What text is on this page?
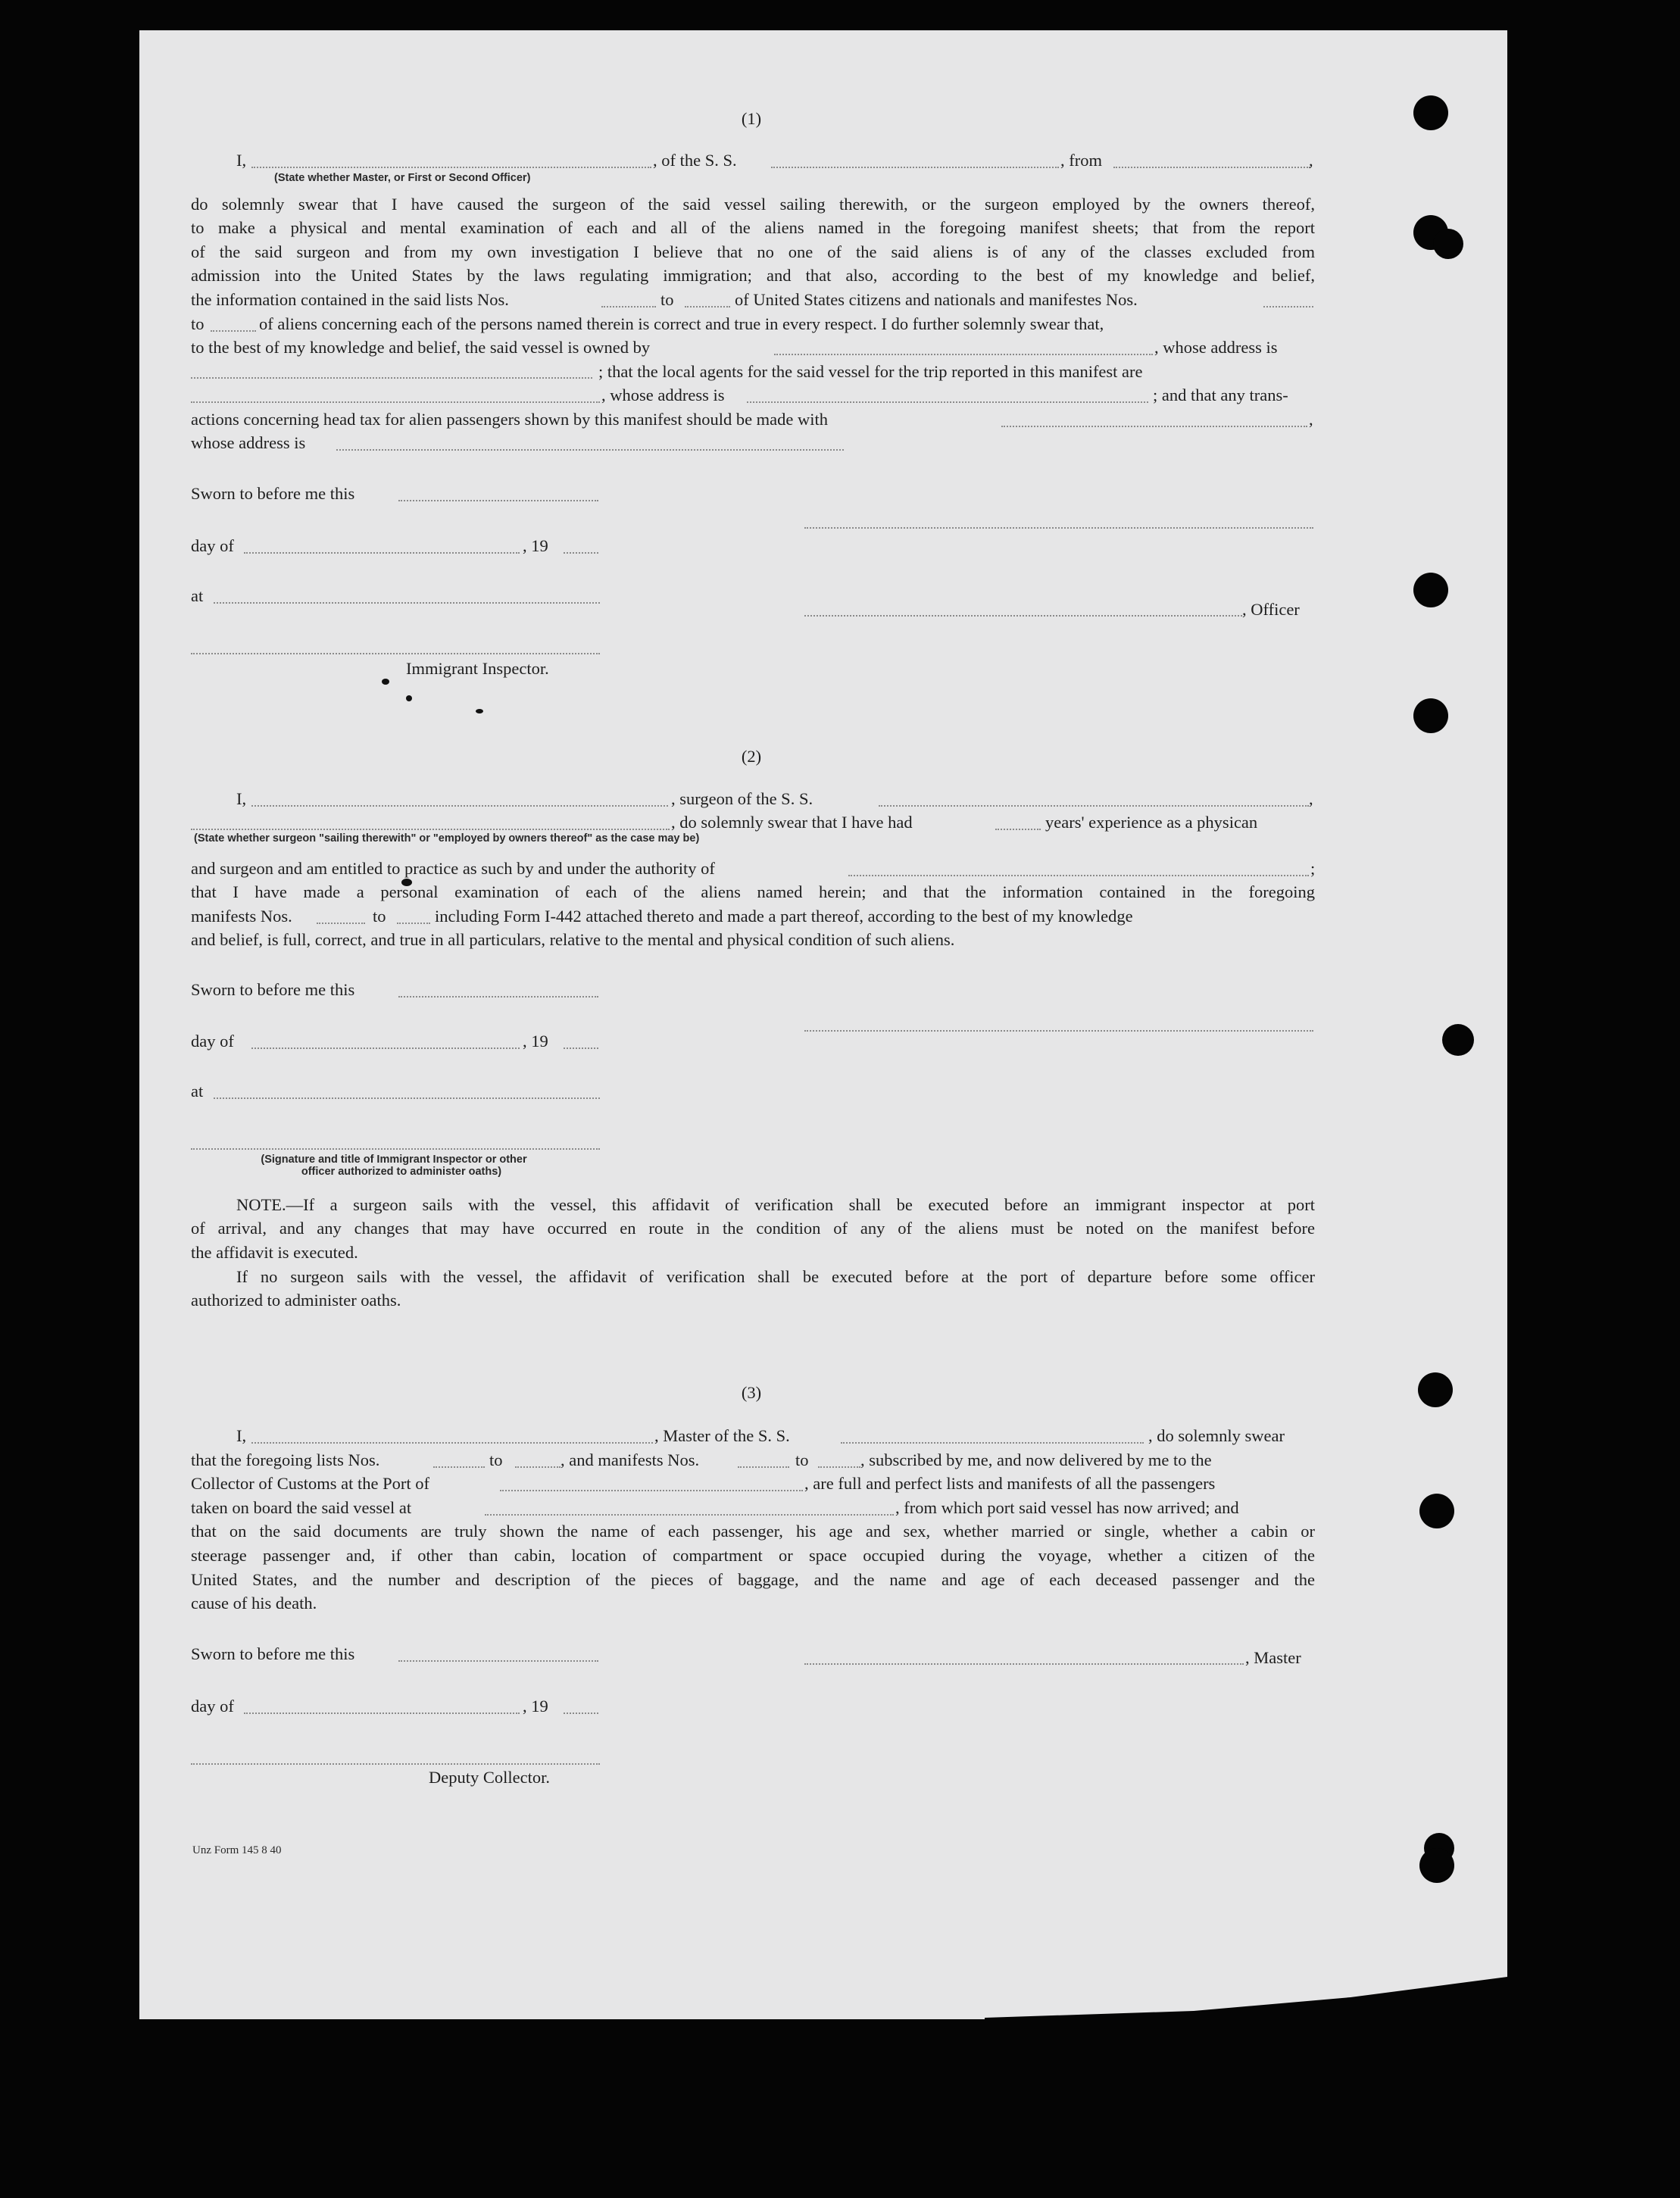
(1)
I,	, of the S. S.	, from	,
(State whether Master, or First or Second Officer)
do solemnly swear that I have caused the surgeon of the said vessel sailing therewith, or the surgeon employed by the owners thereof,
to make a physical and mental examination of each and all of the aliens named in the foregoing manifest sheets; that from the report
of the said surgeon and from my own investigation I believe that no one of the said aliens is of any of the classes excluded from
admission into the United States by the laws regulating immigration; and that also, according to the best of my knowledge and belief,
the information contained in the said lists Nos.	to	of United States citizens and nationals and manifestes Nos.
to	of aliens concerning each of the persons named therein is correct and true in every respect. I do further solemnly swear that,
to the best of my knowledge and belief, the said vessel is owned by	, whose address is
; that the local agents for the said vessel for the trip reported in this manifest are
, whose address is	; and that any trans-
actions concerning head tax for alien passengers shown by this manifest should be made with	,
whose address is
Sworn to before me this
day of	, 19
at
, Officer
Immigrant Inspector.
(2)
I,	, surgeon of the S. S.	,
, do solemnly swear that I have had	years' experience as a physican
(State whether surgeon "sailing therewith" or "employed by owners thereof" as the case may be)
and surgeon and am entitled to practice as such by and under the authority of	;
that I have made a personal examination of each of the aliens named herein; and that the information contained in the foregoing
manifests Nos.	to	including Form I-442 attached thereto and made a part thereof, according to the best of my knowledge
and belief, is full, correct, and true in all particulars, relative to the mental and physical condition of such aliens.
Sworn to before me this
day of	, 19
at
(Signature and title of Immigrant Inspector or other
officer authorized to administer oaths)
NOTE.—If a surgeon sails with the vessel, this affidavit of verification shall be executed before an immigrant inspector at port
of arrival, and any changes that may have occurred en route in the condition of any of the aliens must be noted on the manifest before
the affidavit is executed.
If no surgeon sails with the vessel, the affidavit of verification shall be executed before at the port of departure before some officer
authorized to administer oaths.
(3)
I,	, Master of the S. S.	, do solemnly swear
that the foregoing lists Nos.	to	, and manifests Nos.	to	, subscribed by me, and now delivered by me to the
Collector of Customs at the Port of	, are full and perfect lists and manifests of all the passengers
taken on board the said vessel at	, from which port said vessel has now arrived; and
that on the said documents are truly shown the name of each passenger, his age and sex, whether married or single, whether a cabin or
steerage passenger and, if other than cabin, location of compartment or space occupied during the voyage, whether a citizen of the
United States, and the number and description of the pieces of baggage, and the name and age of each deceased passenger and the
cause of his death.
Sworn to before me this	, Master
day of	, 19
Deputy Collector.
Unz Form 145 8 40
